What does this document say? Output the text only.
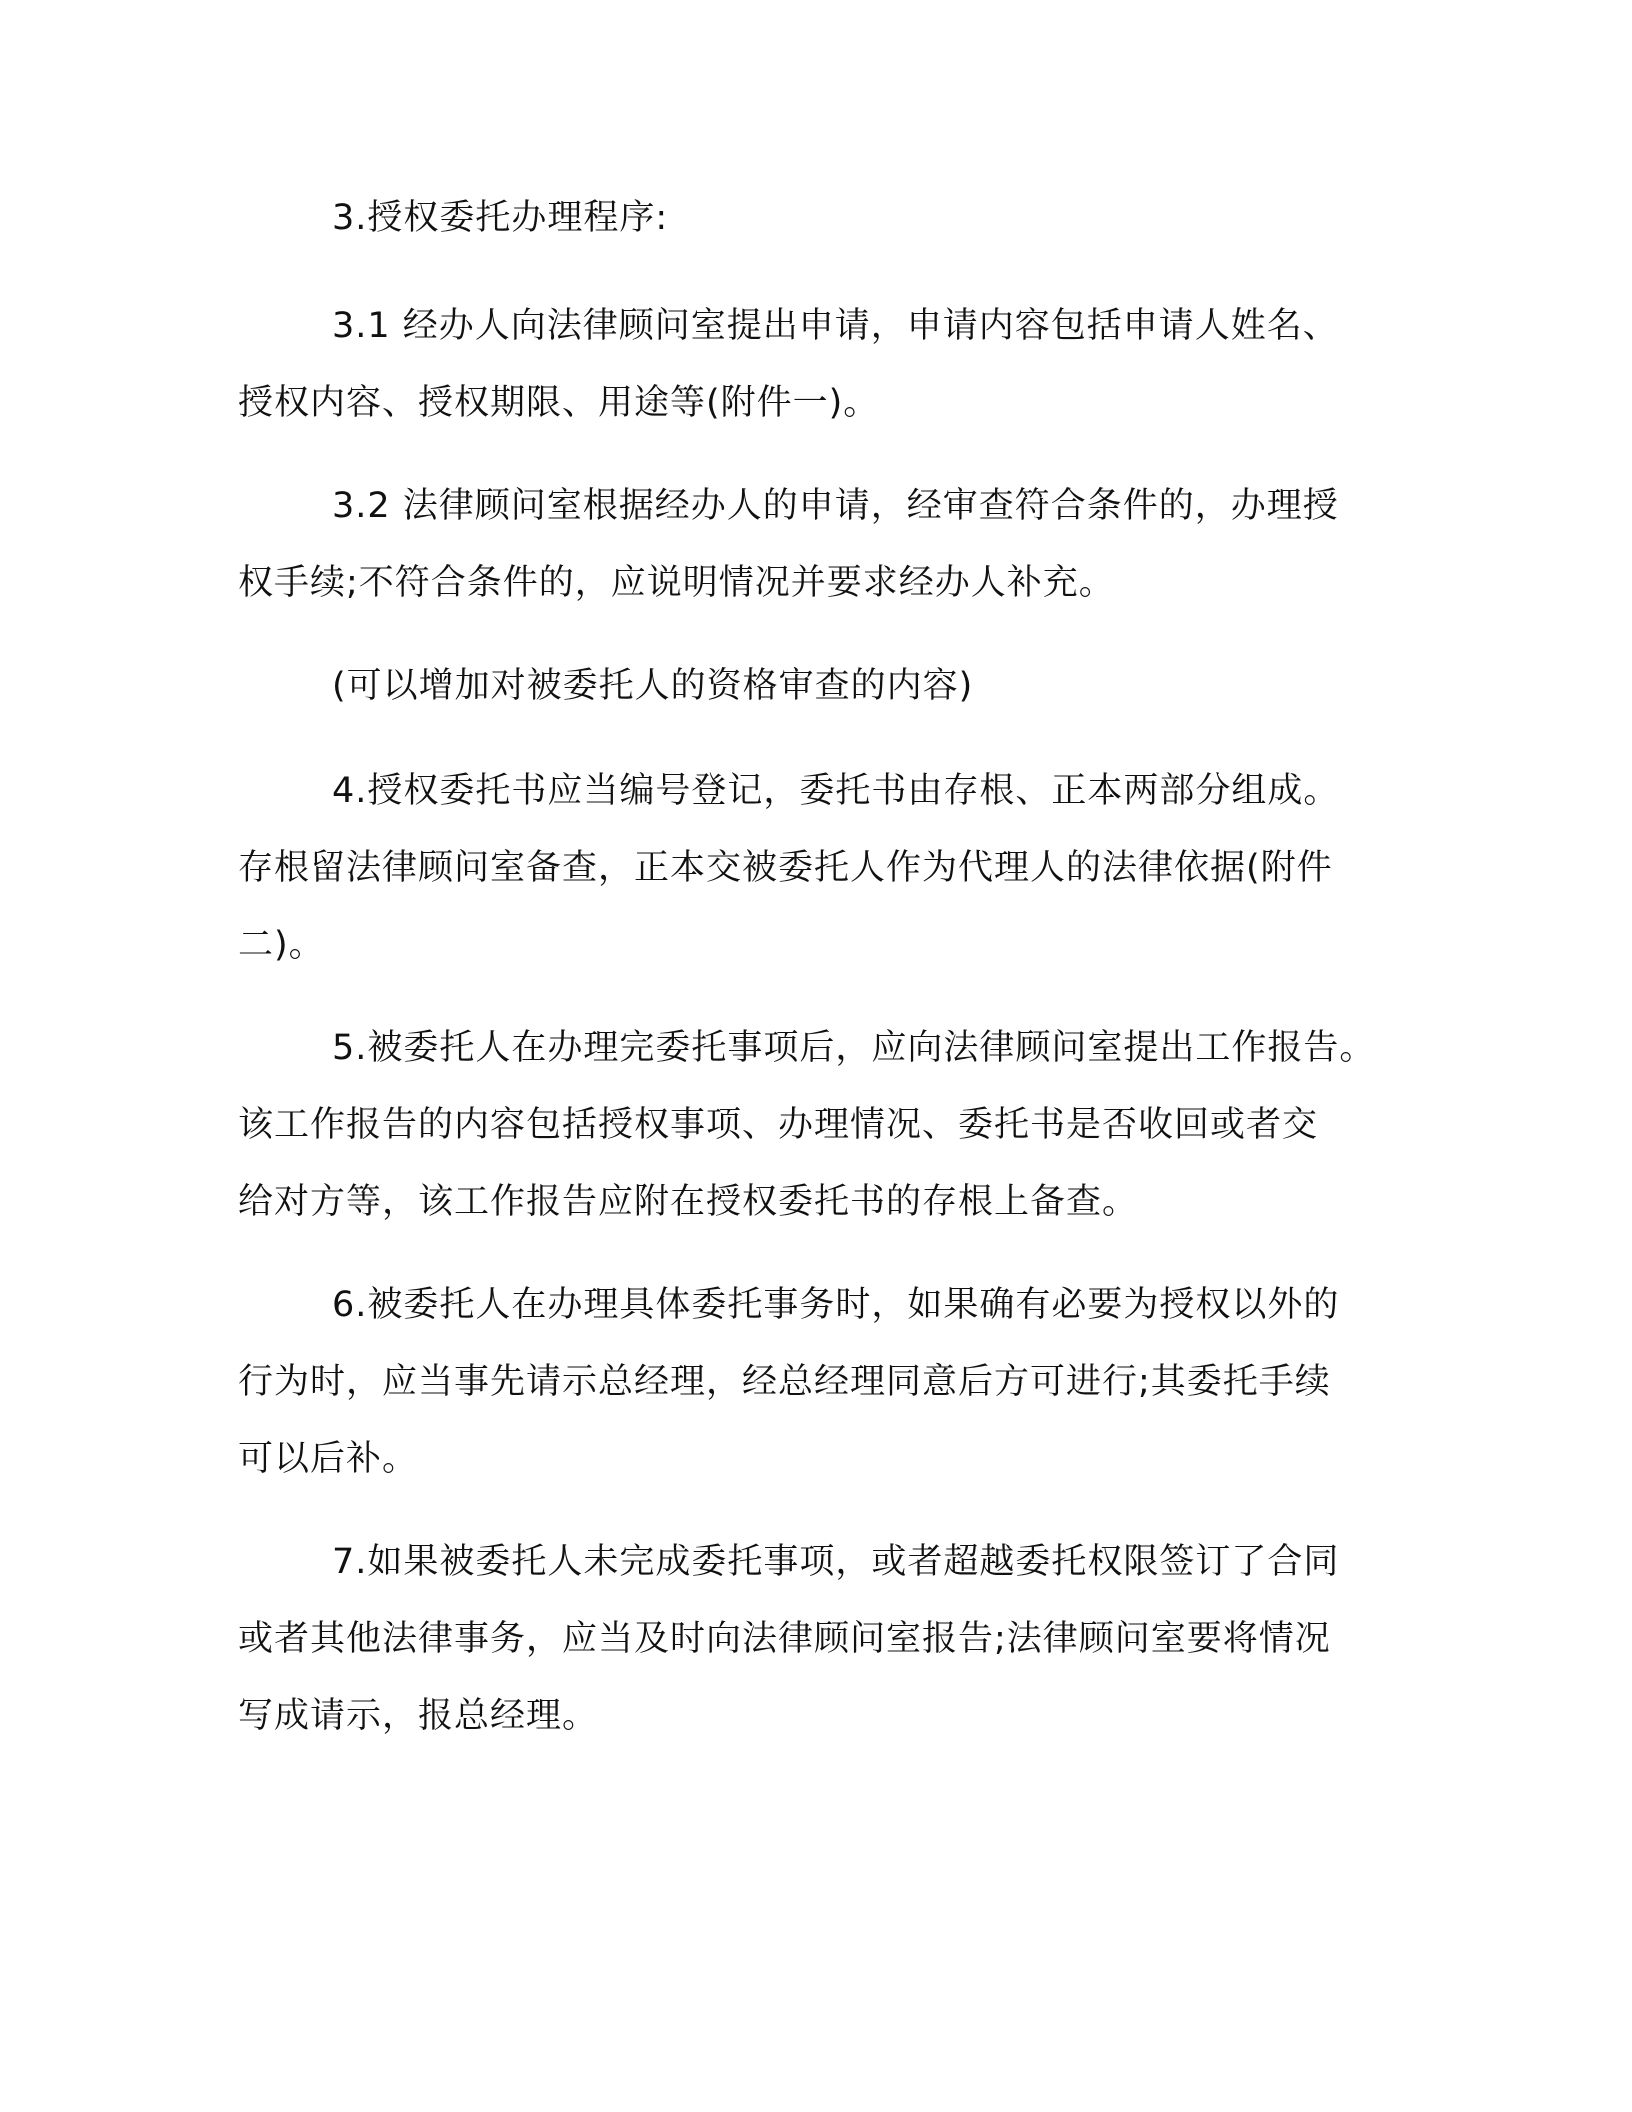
3.授权委托办理程序:
3.1 经办人向法律顾问室提出申请，申请内容包括申请人姓名、
授权内容、授权期限、用途等(附件一)。
3.2 法律顾问室根据经办人的申请，经审查符合条件的，办理授
权手续;不符合条件的，应说明情况并要求经办人补充。
(可以增加对被委托人的资格审查的内容)
4.授权委托书应当编号登记，委托书由存根、正本两部分组成。
存根留法律顾问室备查，正本交被委托人作为代理人的法律依据(附件
二)。
5.被委托人在办理完委托事项后，应向法律顾问室提出工作报告。
该工作报告的内容包括授权事项、办理情况、委托书是否收回或者交
给对方等，该工作报告应附在授权委托书的存根上备查。
6.被委托人在办理具体委托事务时，如果确有必要为授权以外的
行为时，应当事先请示总经理，经总经理同意后方可进行;其委托手续
可以后补。
7.如果被委托人未完成委托事项，或者超越委托权限签订了合同
或者其他法律事务，应当及时向法律顾问室报告;法律顾问室要将情况
写成请示，报总经理。
